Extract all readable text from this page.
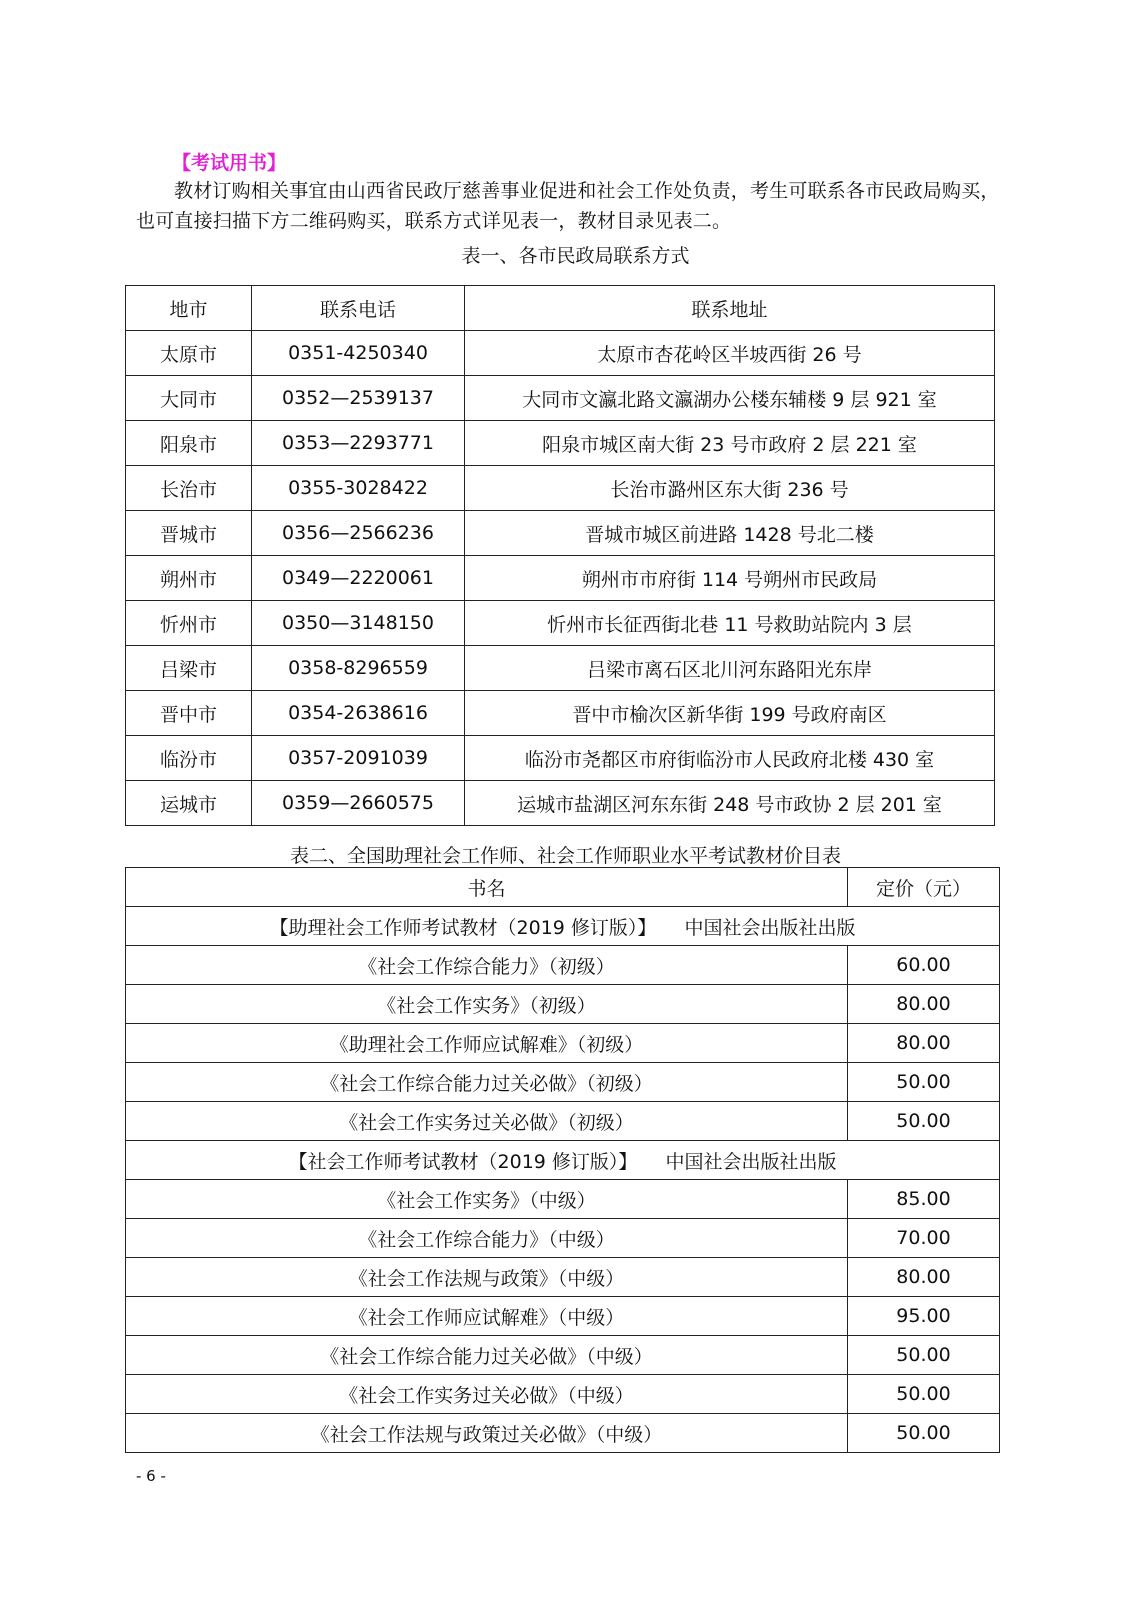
【考试用书】

教材订购相关事宜由山西省民政厅慈善事业促进和社会工作处负责，考生可联系各市民政局购买，也可直接扫描下方二维码购买，联系方式详见表一，教材目录见表二。

表一、各市民政局联系方式
地市	联系电话	联系地址
太原市	0351-4250340	太原市杏花岭区半坡西街 26 号
大同市	0352—2539137	大同市文瀛北路文瀛湖办公楼东辅楼 9 层 921 室
阳泉市	0353—2293771	阳泉市城区南大街 23 号市政府 2 层 221 室
长治市	0355-3028422	长治市潞州区东大街 236 号
晋城市	0356—2566236	晋城市城区前进路 1428 号北二楼
朔州市	0349—2220061	朔州市市府街 114 号朔州市民政局
忻州市	0350—3148150	忻州市长征西街北巷 11 号救助站院内 3 层
吕梁市	0358-8296559	吕梁市离石区北川河东路阳光东岸
晋中市	0354-2638616	晋中市榆次区新华街 199 号政府南区
临汾市	0357-2091039	临汾市尧都区市府街临汾市人民政府北楼 430 室
运城市	0359—2660575	运城市盐湖区河东东街 248 号市政协 2 层 201 室
表二、全国助理社会工作师、社会工作师职业水平考试教材价目表
书名	定价（元）
【助理社会工作师考试教材（2019 修订版）】 中国社会出版社出版	
《社会工作综合能力》（初级）	60.00
《社会工作实务》（初级）	80.00
《助理社会工作师应试解难》（初级）	80.00
《社会工作综合能力过关必做》（初级）	50.00
《社会工作实务过关必做》（初级）	50.00
【社会工作师考试教材（2019 修订版）】 中国社会出版社出版	
《社会工作实务》（中级）	85.00
《社会工作综合能力》（中级）	70.00
《社会工作法规与政策》（中级）	80.00
《社会工作师应试解难》（中级）	95.00
《社会工作综合能力过关必做》（中级）	50.00
《社会工作实务过关必做》（中级）	50.00
《社会工作法规与政策过关必做》（中级）	50.00
- 6 -
